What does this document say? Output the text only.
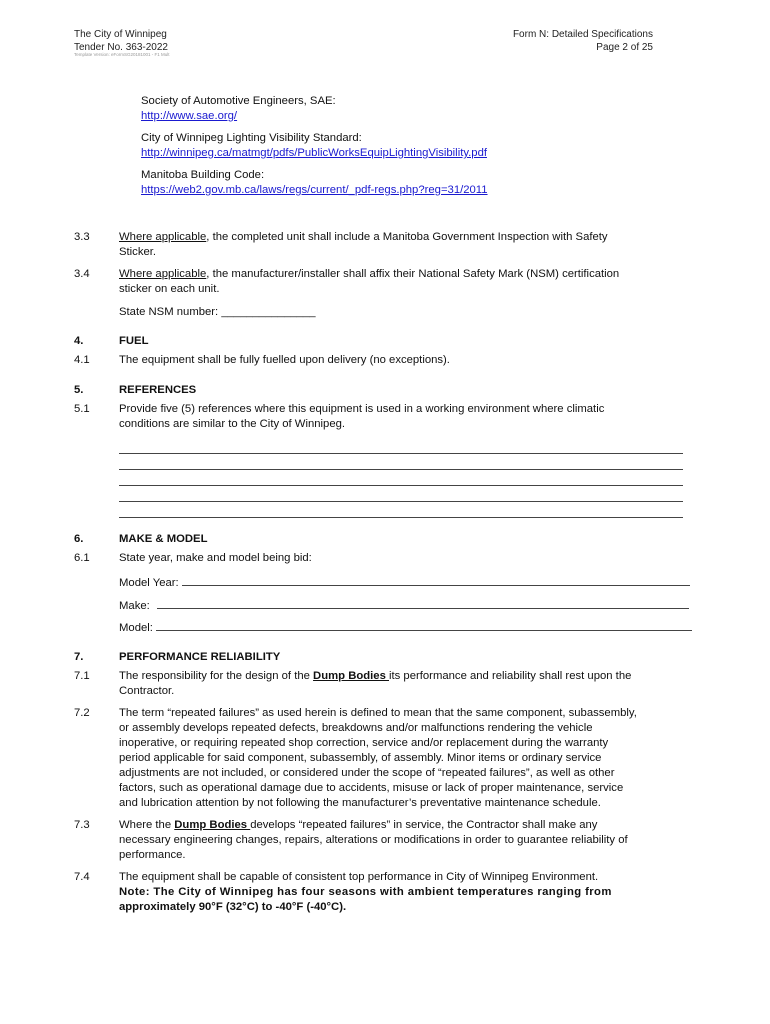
The City of Winnipeg
Tender No. 363-2022
Template Version: eFormSG20181001 - F1 Mult
Form N: Detailed Specifications
Page 2 of 25
Society of Automotive Engineers, SAE:
http://www.sae.org/
City of Winnipeg Lighting Visibility Standard:
http://winnipeg.ca/matmgt/pdfs/PublicWorksEquipLightingVisibility.pdf
Manitoba Building Code:
https://web2.gov.mb.ca/laws/regs/current/_pdf-regs.php?reg=31/2011
3.3	Where applicable, the completed unit shall include a Manitoba Government Inspection with Safety
Sticker.
3.4	Where applicable, the manufacturer/installer shall affix their National Safety Mark (NSM) certification
sticker on each unit.
State NSM number: _______________
4.	FUEL
4.1	The equipment shall be fully fuelled upon delivery (no exceptions).
5.	REFERENCES
5.1	Provide five (5) references where this equipment is used in a working environment where climatic
conditions are similar to the City of Winnipeg.
6.	MAKE & MODEL
6.1	State year, make and model being bid:
Model Year:
Make:
Model:
7.	PERFORMANCE RELIABILITY
7.1	The responsibility for the design of the Dump Bodies its performance and reliability shall rest upon the
Contractor.
7.2	The term “repeated failures” as used herein is defined to mean that the same component, subassembly,
or assembly develops repeated defects, breakdowns and/or malfunctions rendering the vehicle
inoperative, or requiring repeated shop correction, service and/or replacement during the warranty
period applicable for said component, subassembly, of assembly. Minor items or ordinary service
adjustments are not included, or considered under the scope of “repeated failures”, as well as other
factors, such as operational damage due to accidents, misuse or lack of proper maintenance, service
and lubrication attention by not following the manufacturer’s preventative maintenance schedule.
7.3	Where the Dump Bodies develops “repeated failures” in service, the Contractor shall make any
necessary engineering changes, repairs, alterations or modifications in order to guarantee reliability of
performance.
7.4	The equipment shall be capable of consistent top performance in City of Winnipeg Environment.
Note: The City of Winnipeg has four seasons with ambient temperatures ranging from
approximately 90°F (32°C) to -40°F (-40°C).
